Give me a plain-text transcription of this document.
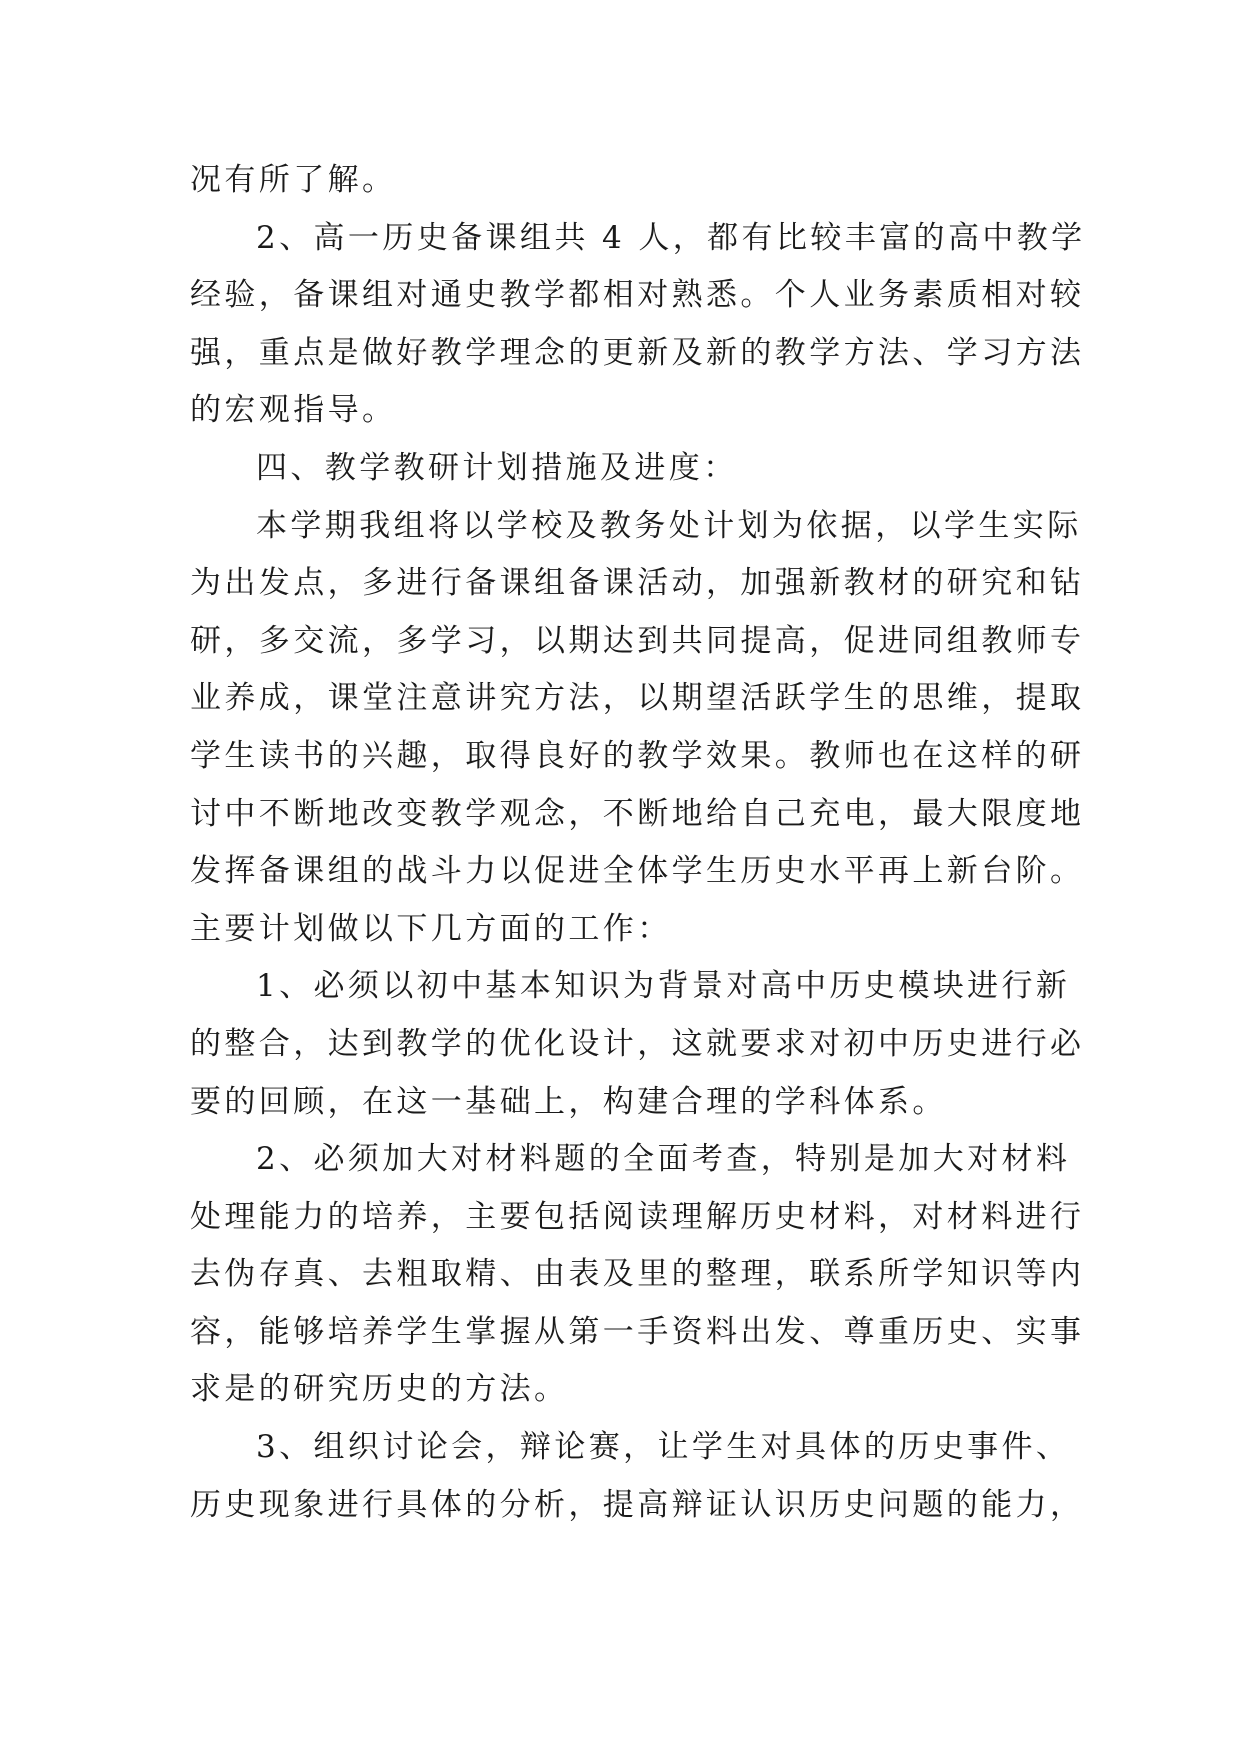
况有所了解。
2、高一历史备课组共 4 人，都有比较丰富的高中教学
经验，备课组对通史教学都相对熟悉。个人业务素质相对较
强，重点是做好教学理念的更新及新的教学方法、学习方法
的宏观指导。
四、教学教研计划措施及进度：
本学期我组将以学校及教务处计划为依据，以学生实际
为出发点，多进行备课组备课活动，加强新教材的研究和钻
研，多交流，多学习，以期达到共同提高，促进同组教师专
业养成，课堂注意讲究方法，以期望活跃学生的思维，提取
学生读书的兴趣，取得良好的教学效果。教师也在这样的研
讨中不断地改变教学观念，不断地给自己充电，最大限度地
发挥备课组的战斗力以促进全体学生历史水平再上新台阶。
主要计划做以下几方面的工作：
1、必须以初中基本知识为背景对高中历史模块进行新
的整合，达到教学的优化设计，这就要求对初中历史进行必
要的回顾，在这一基础上，构建合理的学科体系。
2、必须加大对材料题的全面考查，特别是加大对材料
处理能力的培养，主要包括阅读理解历史材料，对材料进行
去伪存真、去粗取精、由表及里的整理，联系所学知识等内
容，能够培养学生掌握从第一手资料出发、尊重历史、实事
求是的研究历史的方法。
3、组织讨论会，辩论赛，让学生对具体的历史事件、
历史现象进行具体的分析，提高辩证认识历史问题的能力，
